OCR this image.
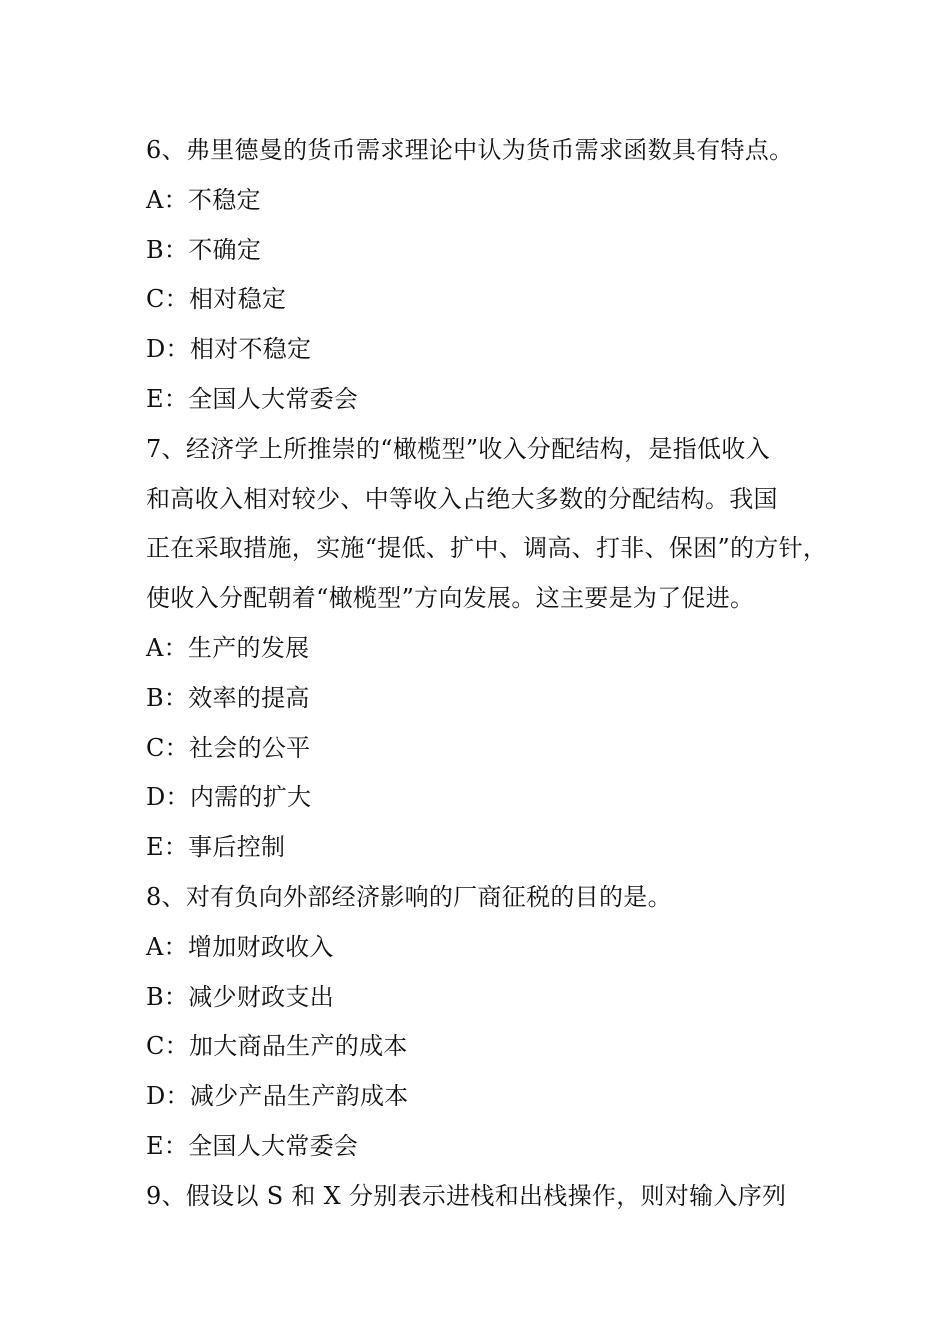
6、弗里德曼的货币需求理论中认为货币需求函数具有特点。
A：不稳定
B：不确定
C：相对稳定
D：相对不稳定
E：全国人大常委会
7、经济学上所推崇的“橄榄型”收入分配结构，是指低收入
和高收入相对较少、中等收入占绝大多数的分配结构。我国
正在采取措施，实施“提低、扩中、调高、打非、保困”的方针，
使收入分配朝着“橄榄型”方向发展。这主要是为了促进。
A：生产的发展
B：效率的提高
C：社会的公平
D：内需的扩大
E：事后控制
8、对有负向外部经济影响的厂商征税的目的是。
A：增加财政收入
B：减少财政支出
C：加大商品生产的成本
D：减少产品生产韵成本
E：全国人大常委会
9、假设以 S 和 X 分别表示进栈和出栈操作，则对输入序列
